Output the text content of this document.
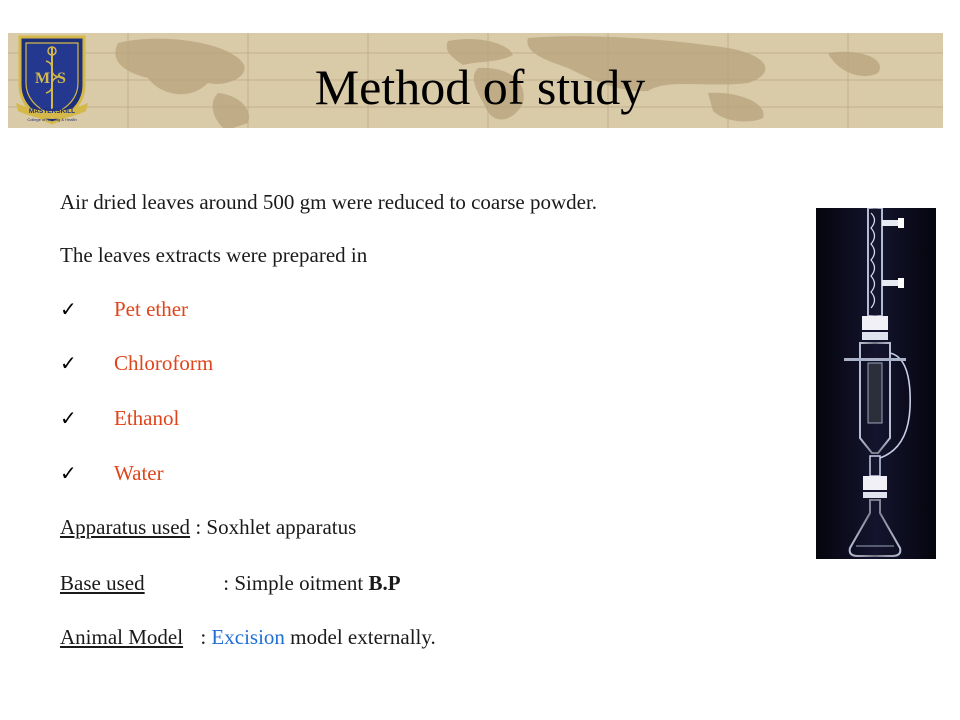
M S
MASTERSKILL
College of Nursing & Health
Method of study
Air dried leaves around 500 gm were reduced to coarse powder.
The leaves extracts were prepared in
✓ Pet ether
✓ Chloroform
✓ Ethanol
✓ Water
Apparatus used : Soxhlet apparatus
Base used	: Simple oitment B.P
Animal Model : Excision model externally.
